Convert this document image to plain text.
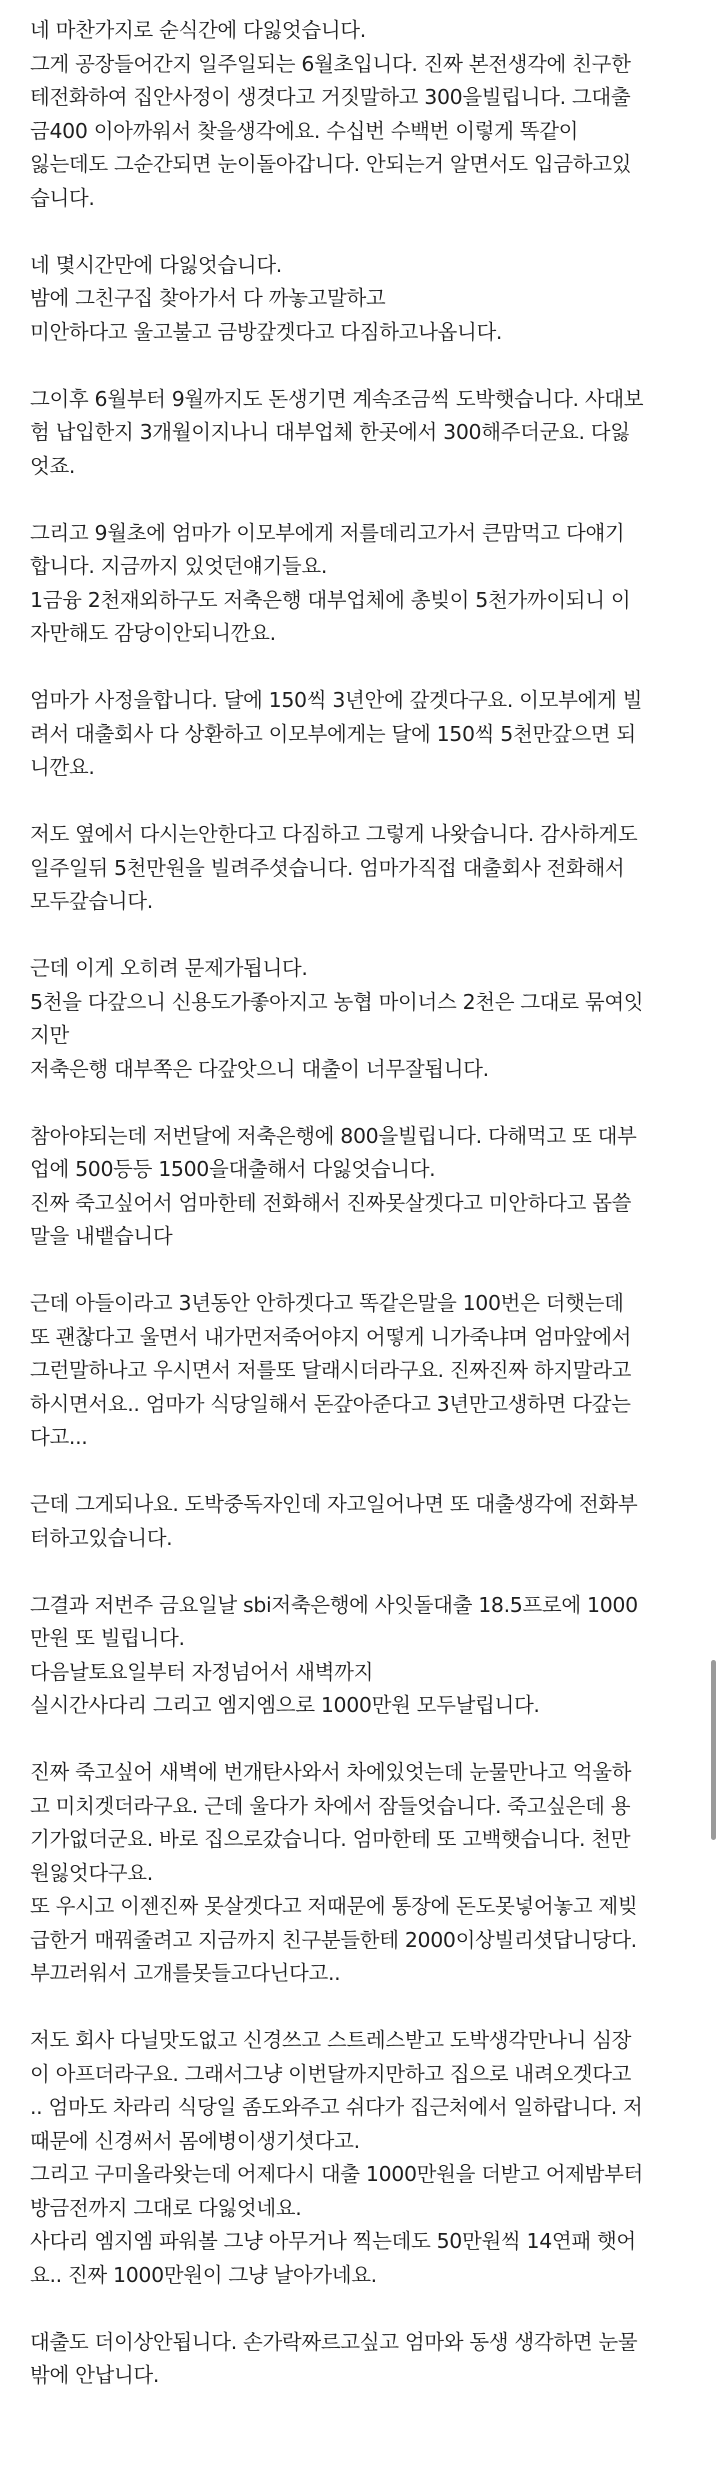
네 마찬가지로 순식간에 다잃엇습니다.
그게 공장들어간지 일주일되는 6월초입니다. 진짜 본전생각에 친구한
테전화하여 집안사정이 생겻다고 거짓말하고 300을빌립니다. 그대출
금400 이아까워서 찾을생각에요. 수십번 수백번 이렇게 똑같이
잃는데도 그순간되면 눈이돌아갑니다. 안되는거 알면서도 입금하고있
습니다.
네 몇시간만에 다잃엇습니다.
밤에 그친구집 찾아가서 다 까놓고말하고
미안하다고 울고불고 금방갚겟다고 다짐하고나옵니다.
그이후 6월부터 9월까지도 돈생기면 계속조금씩 도박햇습니다. 사대보
험 납입한지 3개월이지나니 대부업체 한곳에서 300해주더군요. 다잃
엇죠.
그리고 9월초에 엄마가 이모부에게 저를데리고가서 큰맘먹고 다얘기
합니다. 지금까지 있엇던얘기들요.
1금융 2천재외하구도 저축은행 대부업체에 총빚이 5천가까이되니 이
자만해도 감당이안되니깐요.
엄마가 사정을합니다. 달에 150씩 3년안에 갚겟다구요. 이모부에게 빌
려서 대출회사 다 상환하고 이모부에게는 달에 150씩 5천만갚으면 되
니깐요.
저도 옆에서 다시는안한다고 다짐하고 그렇게 나왓습니다. 감사하게도
일주일뒤 5천만원을 빌려주셧습니다. 엄마가직접 대출회사 전화해서
모두갚습니다.
근데 이게 오히려 문제가됩니다.
5천을 다갚으니 신용도가좋아지고 농협 마이너스 2천은 그대로 묶여잇
지만
저축은행 대부쪽은 다갚앗으니 대출이 너무잘됩니다.
참아야되는데 저번달에 저축은행에 800을빌립니다. 다해먹고 또 대부
업에 500등등 1500을대출해서 다잃엇습니다.
진짜 죽고싶어서 엄마한테 전화해서 진짜못살겟다고 미안하다고 몹쓸
말을 내뱉습니다
근데 아들이라고 3년동안 안하겟다고 똑같은말을 100번은 더햇는데
또 괜찮다고 울면서 내가먼저죽어야지 어떻게 니가죽냐며 엄마앞에서
그런말하나고 우시면서 저를또 달래시더라구요. 진짜진짜 하지말라고
하시면서요.. 엄마가 식당일해서 돈갚아준다고 3년만고생하면 다갚는
다고...
근데 그게되나요. 도박중독자인데 자고일어나면 또 대출생각에 전화부
터하고있습니다.
그결과 저번주 금요일날 sbi저축은행에 사잇돌대출 18.5프로에 1000
만원 또 빌립니다.
다음날토요일부터 자정넘어서 새벽까지
실시간사다리 그리고 엠지엠으로 1000만원 모두날립니다.
진짜 죽고싶어 새벽에 번개탄사와서 차에있엇는데 눈물만나고 억울하
고 미치겟더라구요. 근데 울다가 차에서 잠들엇습니다. 죽고싶은데 용
기가없더군요. 바로 집으로갔습니다. 엄마한테 또 고백햇습니다. 천만
원잃엇다구요.
또 우시고 이젠진짜 못살겟다고 저때문에 통장에 돈도못넣어놓고 제빚
급한거 매꿔줄려고 지금까지 친구분들한테 2000이상빌리셧답니당다.
부끄러워서 고개를못들고다닌다고..
저도 회사 다닐맛도없고 신경쓰고 스트레스받고 도박생각만나니 심장
이 아프더라구요. 그래서그냥 이번달까지만하고 집으로 내려오겟다고
.. 엄마도 차라리 식당일 좀도와주고 쉬다가 집근처에서 일하랍니다. 저
때문에 신경써서 몸에병이생기셧다고.
그리고 구미올라왓는데 어제다시 대출 1000만원을 더받고 어제밤부터
방금전까지 그대로 다잃엇네요.
사다리 엠지엠 파워볼 그냥 아무거나 찍는데도 50만원씩 14연패 햇어
요.. 진짜 1000만원이 그냥 날아가네요.
대출도 더이상안됩니다. 손가락짜르고싶고 엄마와 동생 생각하면 눈물
밖에 안납니다.
